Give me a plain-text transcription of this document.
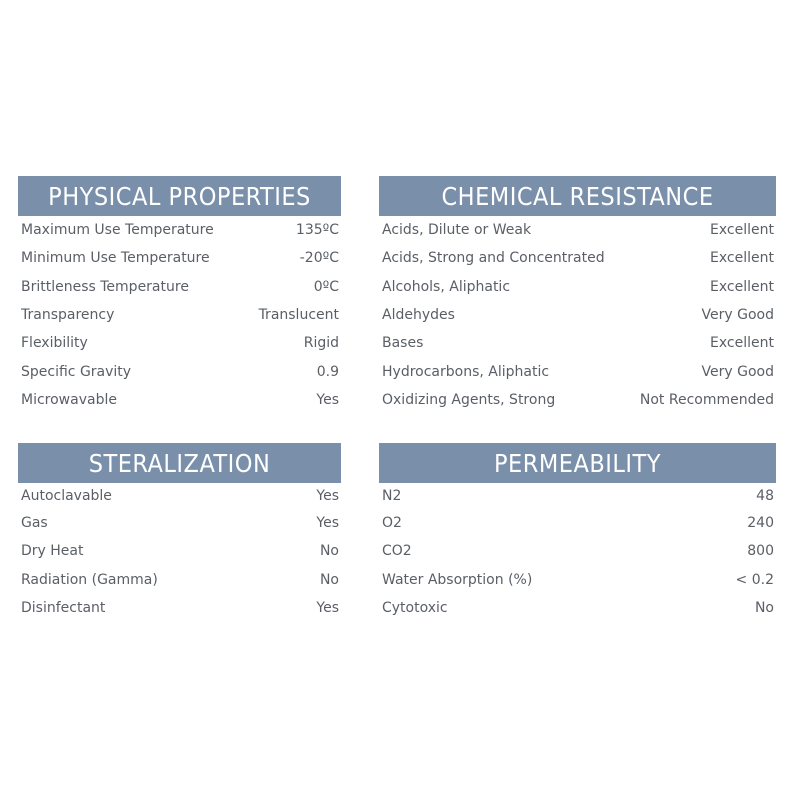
PHYSICAL PROPERTIES
Maximum Use Temperature	135ºC
Minimum Use Temperature	-20ºC
Brittleness Temperature	0ºC
Transparency	Translucent
Flexibility	Rigid
Specific Gravity	0.9
Microwavable	Yes
CHEMICAL RESISTANCE
Acids, Dilute or Weak	Excellent
Acids, Strong and Concentrated	Excellent
Alcohols, Aliphatic	Excellent
Aldehydes	Very Good
Bases	Excellent
Hydrocarbons, Aliphatic	Very Good
Oxidizing Agents, Strong	Not Recommended
STERALIZATION
Autoclavable	Yes
Gas	Yes
Dry Heat	No
Radiation (Gamma)	No
Disinfectant	Yes
PERMEABILITY
N2	48
O2	240
CO2	800
Water Absorption (%)	< 0.2
Cytotoxic	No
